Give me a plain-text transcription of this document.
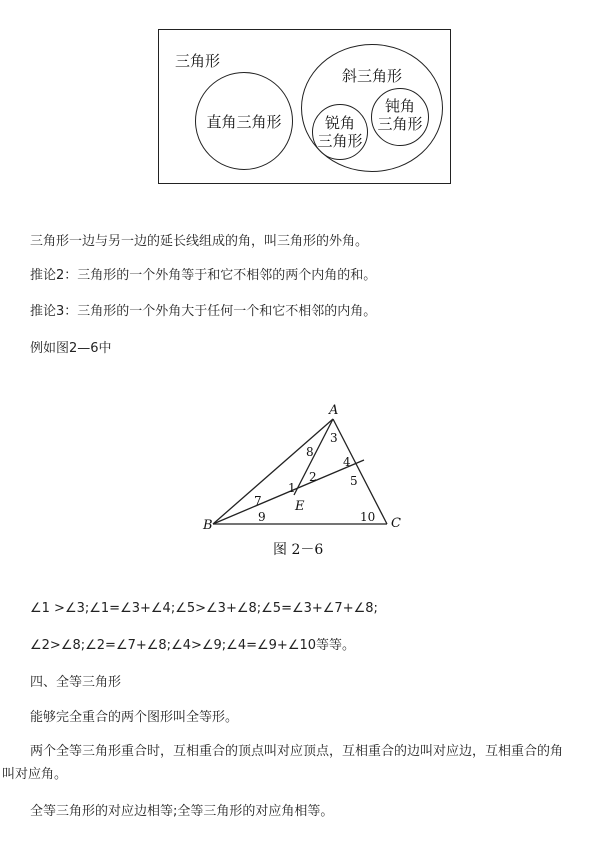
三角形
直角三角形
斜三角形
锐角
三角形
钝角
三角形
三角形一边与另一边的延长线组成的角，叫三角形的外角。
推论2：三角形的一个外角等于和它不相邻的两个内角的和。
推论3：三角形的一个外角大于任何一个和它不相邻的内角。
例如图2—6中
A
B	C
E
1
2
3
4
5
7
8
9	10
图 2－6
∠1 >∠3;∠1=∠3+∠4;∠5>∠3+∠8;∠5=∠3+∠7+∠8;
∠2>∠8;∠2=∠7+∠8;∠4>∠9;∠4=∠9+∠10等等。
四、全等三角形
能够完全重合的两个图形叫全等形。
两个全等三角形重合时，互相重合的顶点叫对应顶点，互相重合的边叫对应边，互相重合的角
叫对应角。
全等三角形的对应边相等;全等三角形的对应角相等。
